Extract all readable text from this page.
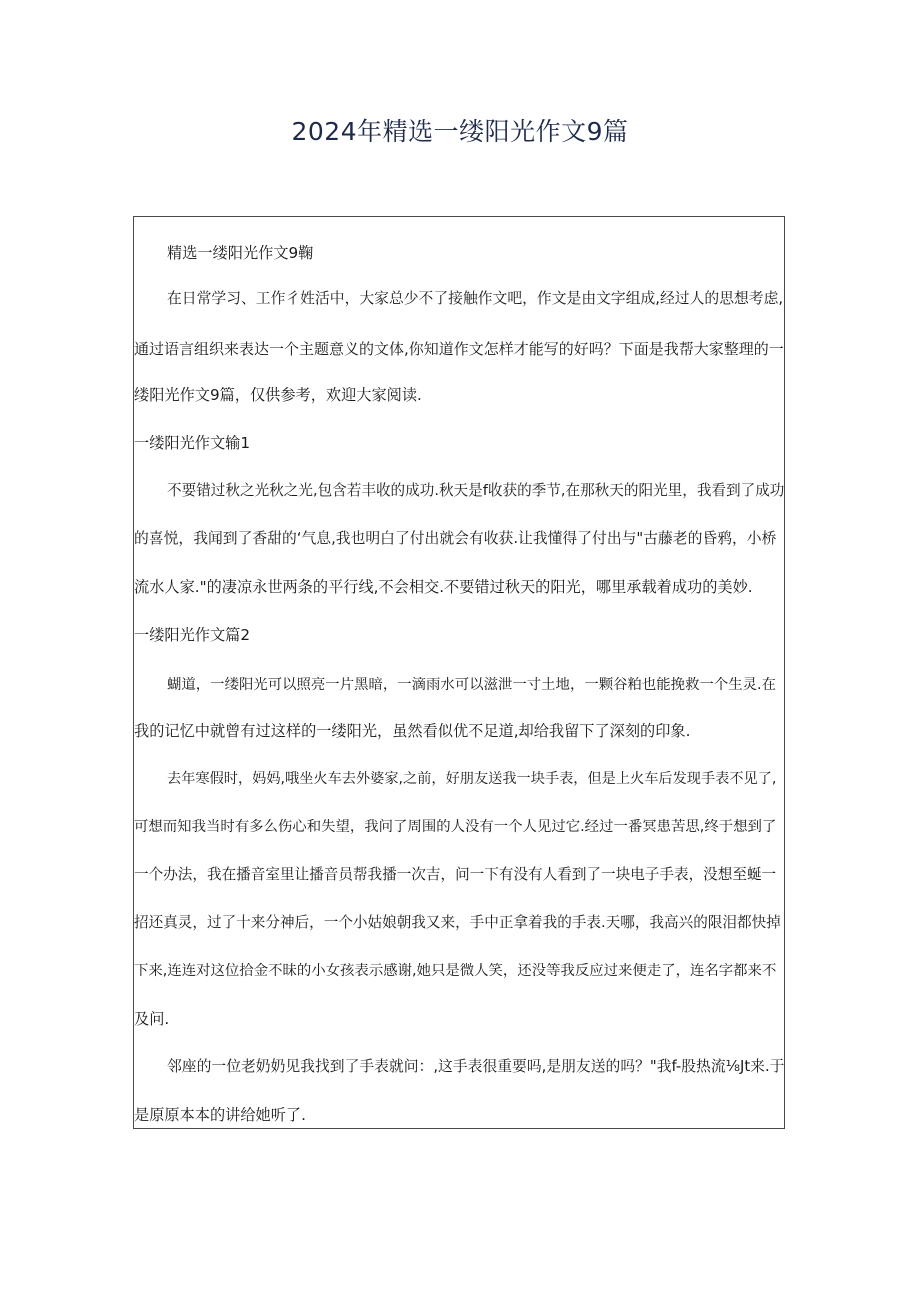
2024年精选一缕阳光作文9篇

精选一缕阳光作文9鞠

在日常学习、工作彳姓活中，大家总少不了接触作文吧，作文是由文字组成,经过人的思想考虑,

通过语言组织来表达一个主题意义的文体,你知道作文怎样才能写的好吗？下面是我帮大家整理的一

缕阳光作文9篇，仅供参考，欢迎大家阅读.

一缕阳光作文输1

不要错过秋之光秋之光,包含若丰收的成功.秋天是f收获的季节,在那秋天的阳光里，我看到了成功

的喜悦，我闻到了香甜的‘气息,我也明白了付出就会有收获.让我懂得了付出与"古藤老的昏鸦，小桥

流水人家."的凄凉永世两条的平行线,不会相交.不要错过秋天的阳光，哪里承载着成功的美妙.

一缕阳光作文篇2

蝴道，一缕阳光可以照亮一片黑暗，一滴雨水可以滋泄一寸土地，一颗谷粕也能挽救一个生灵.在

我的记忆中就曾有过这样的一缕阳光，虽然看似优不足道,却给我留下了深刻的印象.

去年寒假时，妈妈,哦坐火车去外婆家,之前，好朋友送我一块手表，但是上火车后发现手表不见了,

可想而知我当时有多么伤心和失望，我问了周围的人没有一个人见过它.经过一番冥患苦思,终于想到了

一个办法，我在播音室里让播音员帮我播一次吉，问一下有没有人看到了一块电子手表，没想至蜒一

招还真灵，过了十来分神后，一个小姑娘朝我又来，手中正拿着我的手表.天哪，我高兴的限泪都快掉

下来,连连对这位拾金不昧的小女孩表示感谢,她只是微人笑，还没等我反应过来便走了，连名字都来不

及问.

邻座的一位老奶奶见我找到了手表就问：,这手表很重要吗,是朋友送的吗？"我f-股热流⅛Jt来.于

是原原本本的讲给她听了.
